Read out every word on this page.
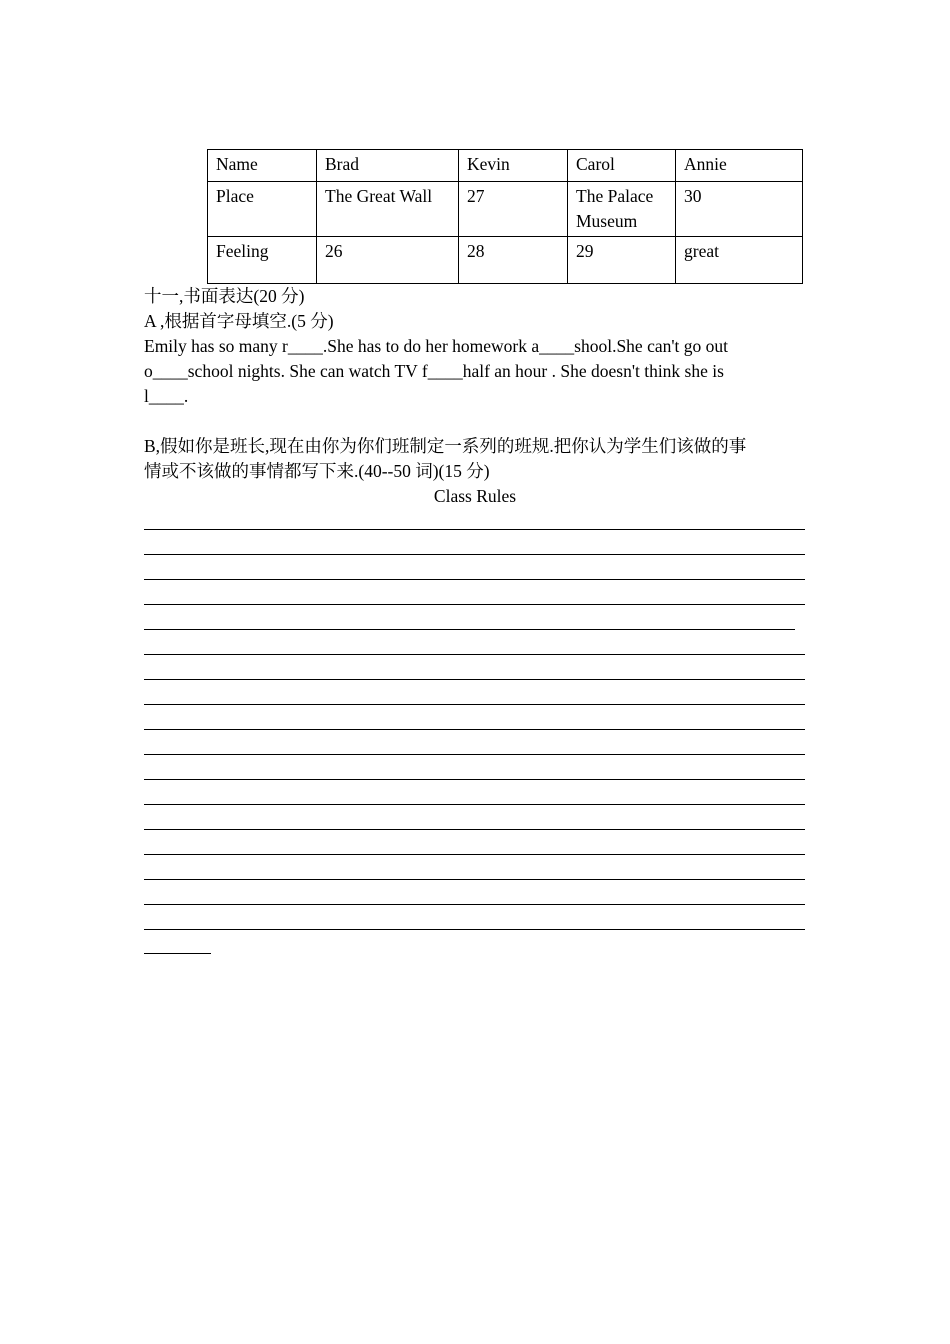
Name	Brad	Kevin	Carol	Annie
Place	The Great Wall	27	The Palace Museum	30
Feeling	26	28	29	great
十一,书面表达(20 分)
A ,根据首字母填空.(5 分)
Emily has so many r____.She has to do her homework a____shool.She can't go out
o____school nights. She can watch TV f____half an hour . She doesn't think she is
l____.
B,假如你是班长,现在由你为你们班制定一系列的班规.把你认为学生们该做的事
情或不该做的事情都写下来.(40--50 词)(15 分)
Class Rules
